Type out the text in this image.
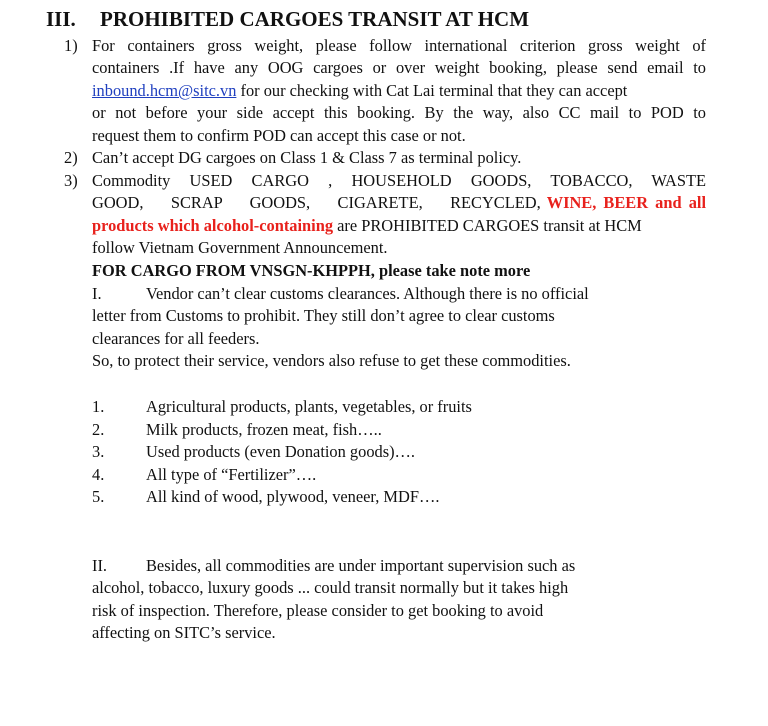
III. PROHIBITED CARGOES TRANSIT AT HCM
1) For containers gross weight, please follow international criterion gross weight of
containers .If have any OOG cargoes or over weight booking, please send email to
inbound.hcm@sitc.vn for our checking with Cat Lai terminal that they can accept
or not before your side accept this booking. By the way, also CC mail to POD to
request them to confirm POD can accept this case or not.
2) Can’t accept DG cargoes on Class 1 & Class 7 as terminal policy.
3) Commodity USED CARGO , HOUSEHOLD GOODS, TOBACCO, WASTE
GOOD, SCRAP GOODS, CIGARETE, RECYCLED, WINE, BEER and all
products which alcohol-containing are PROHIBITED CARGOES transit at HCM
follow Vietnam Government Announcement.
FOR CARGO FROM VNSGN-KHPPH, please take note more
I.	Vendor can’t clear customs clearances. Although there is no official
letter from Customs to prohibit. They still don’t agree to clear customs
clearances for all feeders.
So, to protect their service, vendors also refuse to get these commodities.
1.	Agricultural products, plants, vegetables, or fruits
2.	Milk products, frozen meat, fish…..
3.	Used products (even Donation goods)….
4.	All type of “Fertilizer”….
5.	All kind of wood, plywood, veneer, MDF….
II. Besides, all commodities are under important supervision such as
alcohol, tobacco, luxury goods ... could transit normally but it takes high
risk of inspection. Therefore, please consider to get booking to avoid
affecting on SITC’s service.
